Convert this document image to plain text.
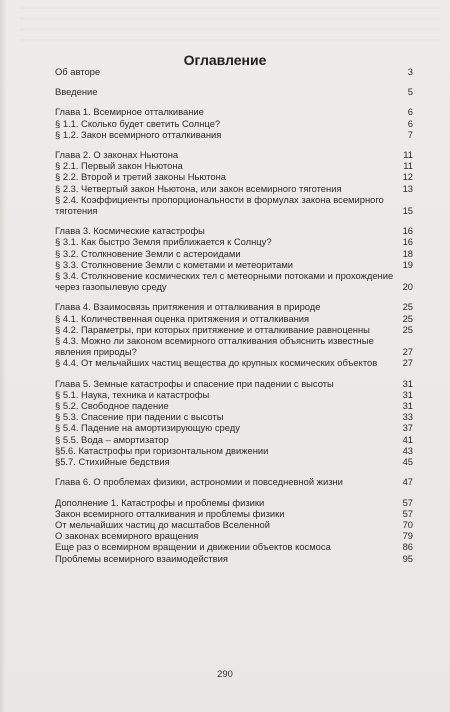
Оглавление
Об авторе	3
Введение	5
Глава 1. Всемирное отталкивание	6
§ 1.1. Сколько будет светить Солнце?	6
§ 1.2. Закон всемирного отталкивания	7
Глава 2. О законах Ньютона	11
§ 2.1. Первый закон Ньютона	11
§ 2.2. Второй и третий законы Ньютона	12
§ 2.3. Четвертый закон Ньютона, или закон всемирного тяготения	13
§ 2.4. Коэффициенты пропорциональности в формулах закона всемирного тяготения	15
Глава 3. Космические катастрофы	16
§ 3.1. Как быстро Земля приближается к Солнцу?	16
§ 3.2. Столкновение Земли с астероидами	18
§ 3.3. Столкновение Земли с кометами и метеоритами	19
§ 3.4. Столкновение космических тел с метеорными потоками и прохождение через газопылевую среду	20
Глава 4. Взаимосвязь притяжения и отталкивания в природе	25
§ 4.1. Количественная оценка притяжения и отталкивания	25
§ 4.2. Параметры, при которых притяжение и отталкивание равноценны	25
§ 4.3. Можно ли законом всемирного отталкивания объяснить известные явления природы?	27
§ 4.4. От мельчайших частиц вещества до крупных космических объектов	27
Глава 5. Земные катастрофы и спасение при падении с высоты	31
§ 5.1. Наука, техника и катастрофы	31
§ 5.2. Свободное падение	31
§ 5.3. Спасение при падении с высоты	33
§ 5.4. Падение на амортизирующую среду	37
§ 5.5. Вода – амортизатор	41
§5.6. Катастрофы при горизонтальном движении	43
§5.7. Стихийные бедствия	45
Глава 6. О проблемах физики, астрономии и повседневной жизни	47
Дополнение 1. Катастрофы и проблемы физики	57
Закон всемирного отталкивания и проблемы физики	57
От мельчайших частиц до масштабов Вселенной	70
О законах всемирного вращения	79
Еще раз о всемирном вращении и движении объектов космоса	86
Проблемы всемирного взаимодействия	95
290
